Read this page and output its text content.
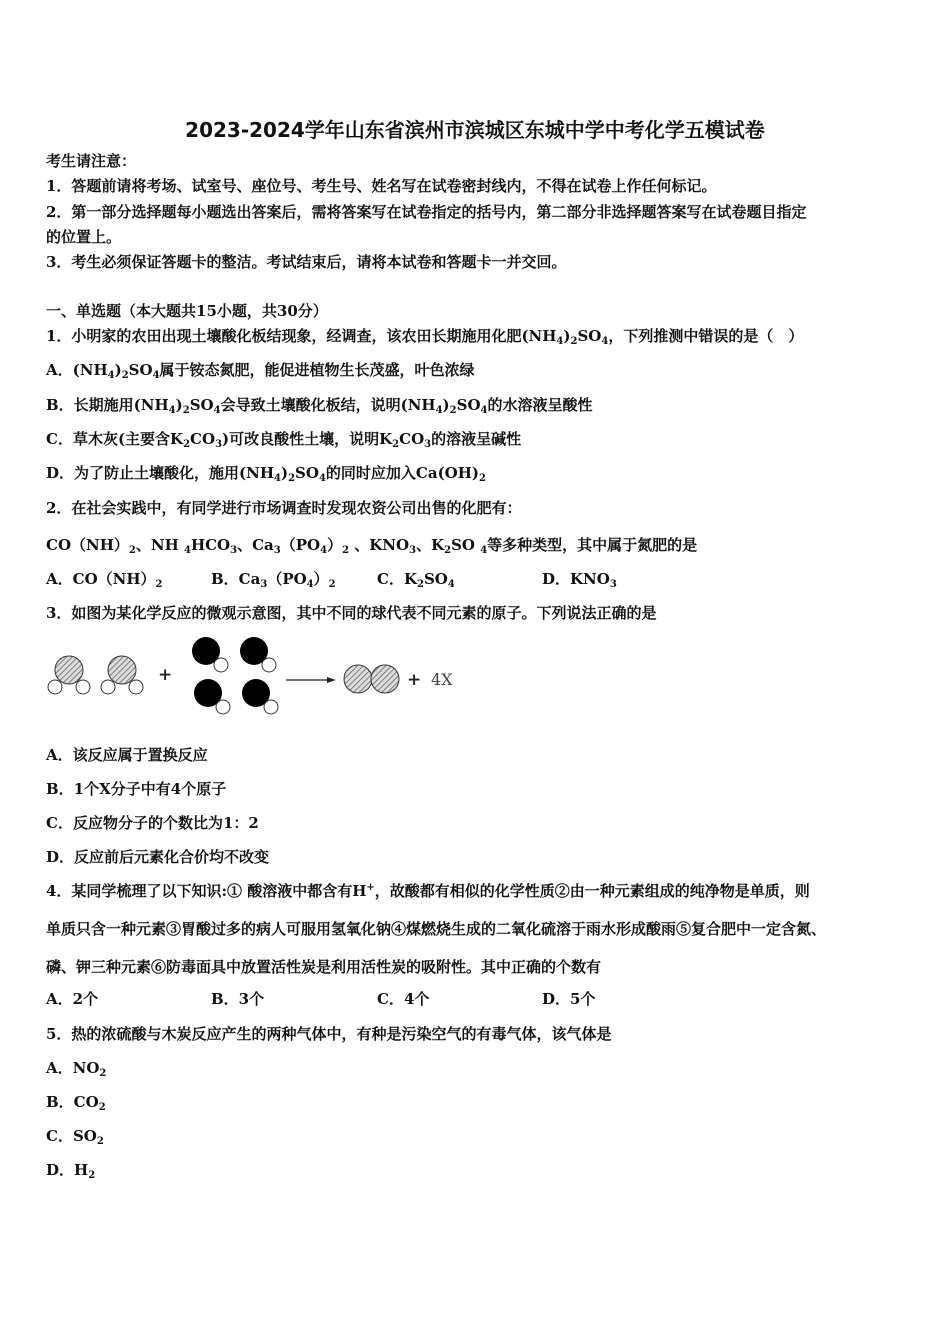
2023-2024学年山东省滨州市滨城区东城中学中考化学五模试卷
考生请注意：
1．答题前请将考场、试室号、座位号、考生号、姓名写在试卷密封线内，不得在试卷上作任何标记。
2．第一部分选择题每小题选出答案后，需将答案写在试卷指定的括号内，第二部分非选择题答案写在试卷题目指定
的位置上。
3．考生必须保证答题卡的整洁。考试结束后，请将本试卷和答题卡一并交回。
一、单选题（本大题共15小题，共30分）
1．小明家的农田出现土壤酸化板结现象，经调查，该农田长期施用化肥$(NH_4)_2SO_4$，下列推测中错误的是（　）
A．$(NH_4)_2SO_4$属于铵态氮肥，能促进植物生长茂盛，叶色浓绿
B．长期施用$(NH_4)_2SO_4$会导致土壤酸化板结，说明$(NH_4)_2SO_4$的水溶液呈酸性
C．草木灰(主要含$K_2CO_3$)可改良酸性土壤，说明$K_2CO_3$的溶液呈碱性
D．为了防止土壤酸化，施用$(NH_4)_2SO_4$的同时应加入$Ca(OH)_2$
2．在社会实践中，有同学进行市场调查时发现农资公司出售的化肥有：
$CO(NH)_2$、NH $_4HCO_3$、$Ca_3(PO_4)_2$ 、$KNO_3$、$K_2SO$ $_4$等多种类型，其中属于氮肥的是
A．$CO(NH)_2$	B．$Ca_3(PO_4)_2$	C．$K_2SO_4$	D．$KNO_3$
3．如图为某化学反应的微观示意图，其中不同的球代表不同元素的原子。下列说法正确的是
+	+ 4X
A．该反应属于置换反应
B．1个X分子中有4个原子
C．反应物分子的个数比为1：2
D．反应前后元素化合价均不改变
4．某同学梳理了以下知识:① 酸溶液中都含有H+，故酸都有相似的化学性质②由一种元素组成的纯净物是单质，则
单质只含一种元素③胃酸过多的病人可服用氢氧化钠④煤燃烧生成的二氧化硫溶于雨水形成酸雨⑤复合肥中一定含氮、
磷、钾三种元素⑥防毒面具中放置活性炭是利用活性炭的吸附性。其中正确的个数有
A．2个	B．3个	C．4个	D．5个
5．热的浓硫酸与木炭反应产生的两种气体中，有种是污染空气的有毒气体，该气体是
A．$NO_2$
B．$CO_2$
C．$SO_2$
D．$H_2$
